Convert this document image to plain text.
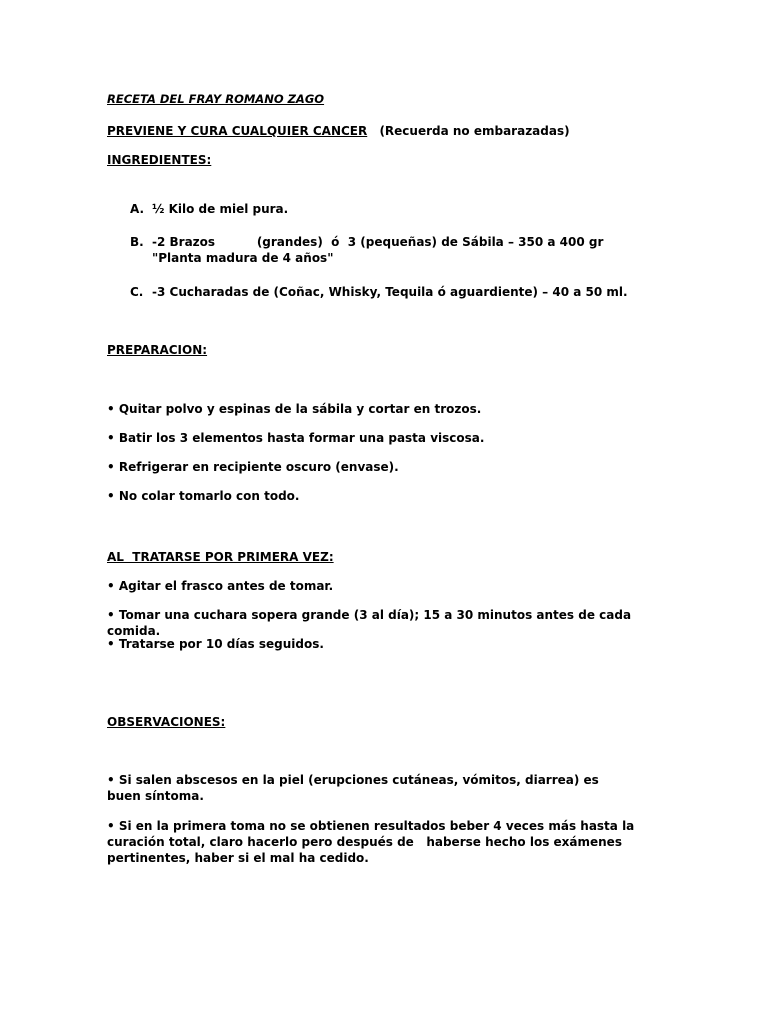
RECETA DEL FRAY ROMANO ZAGO

PREVIENE Y CURA CUALQUIER CANCER (Recuerda no embarazadas)

INGREDIENTES:

A. ½ Kilo de miel pura.
B. -2 Brazos          (grandes)  ó  3 (pequeñas) de Sábila – 350 a 400 gr "Planta madura de 4 años"
C. -3 Cucharadas de (Coñac, Whisky, Tequila ó aguardiente) – 40 a 50 ml.

PREPARACION:

• Quitar polvo y espinas de la sábila y cortar en trozos.

• Batir los 3 elementos hasta formar una pasta viscosa.

• Refrigerar en recipiente oscuro (envase).

• No colar tomarlo con todo.

AL  TRATARSE POR PRIMERA VEZ:

• Agitar el frasco antes de tomar.

• Tomar una cuchara sopera grande (3 al día); 15 a 30 minutos antes de cada comida.

• Tratarse por 10 días seguidos.

OBSERVACIONES:

• Si salen abscesos en la piel (erupciones cutáneas, vómitos, diarrea) es buen síntoma.

• Si en la primera toma no se obtienen resultados beber 4 veces más hasta la curación total, claro hacerlo pero después de   haberse hecho los exámenes pertinentes, haber si el mal ha cedido.
